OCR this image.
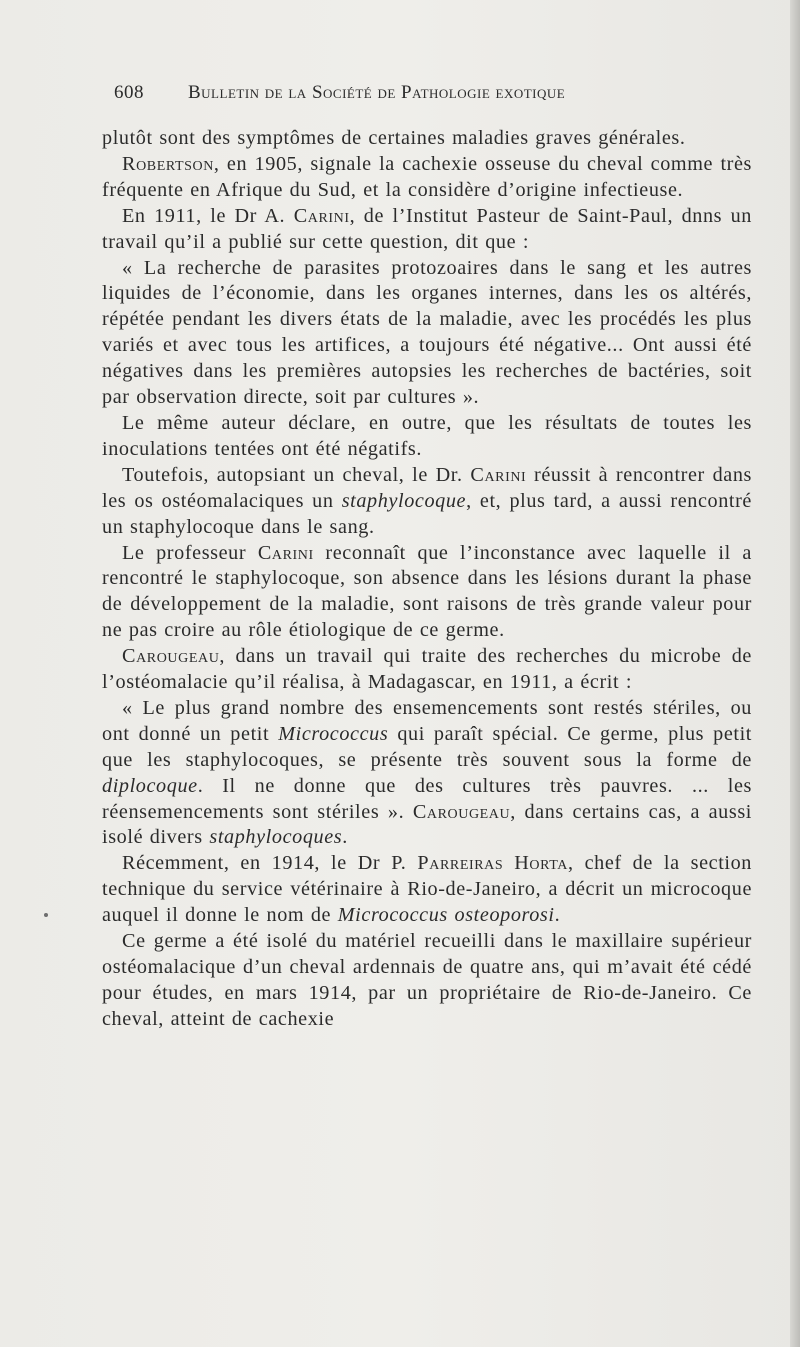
608 Bulletin de la Société de Pathologie exotique

plutôt sont des symptômes de certaines maladies graves générales.

Robertson, en 1905, signale la cachexie osseuse du cheval comme très fréquente en Afrique du Sud, et la considère d’origine infectieuse.

En 1911, le Dr A. Carini, de l’Institut Pasteur de Saint-Paul, dnns un travail qu’il a publié sur cette question, dit que :

« La recherche de parasites protozoaires dans le sang et les autres liquides de l’économie, dans les organes internes, dans les os altérés, répétée pendant les divers états de la maladie, avec les procédés les plus variés et avec tous les artifices, a toujours été négative... Ont aussi été négatives dans les premières autopsies les recherches de bactéries, soit par observation directe, soit par cultures ».

Le même auteur déclare, en outre, que les résultats de toutes les inoculations tentées ont été négatifs.

Toutefois, autopsiant un cheval, le Dr. Carini réussit à rencontrer dans les os ostéomalaciques un staphylocoque, et, plus tard, a aussi rencontré un staphylocoque dans le sang.

Le professeur Carini reconnaît que l’inconstance avec laquelle il a rencontré le staphylocoque, son absence dans les lésions durant la phase de développement de la maladie, sont raisons de très grande valeur pour ne pas croire au rôle étiologique de ce germe.

Carougeau, dans un travail qui traite des recherches du microbe de l’ostéomalacie qu’il réalisa, à Madagascar, en 1911, a écrit :

« Le plus grand nombre des ensemencements sont restés stériles, ou ont donné un petit Micrococcus qui paraît spécial. Ce germe, plus petit que les staphylocoques, se présente très souvent sous la forme de diplocoque. Il ne donne que des cultures très pauvres. ... les réensemencements sont stériles ». Carougeau, dans certains cas, a aussi isolé divers staphylocoques.

Récemment, en 1914, le Dr P. Parreiras Horta, chef de la section technique du service vétérinaire à Rio-de-Janeiro, a décrit un microcoque auquel il donne le nom de Micrococcus osteoporosi.

Ce germe a été isolé du matériel recueilli dans le maxillaire supérieur ostéomalacique d’un cheval ardennais de quatre ans, qui m’avait été cédé pour études, en mars 1914, par un propriétaire de Rio-de-Janeiro. Ce cheval, atteint de cachexie
